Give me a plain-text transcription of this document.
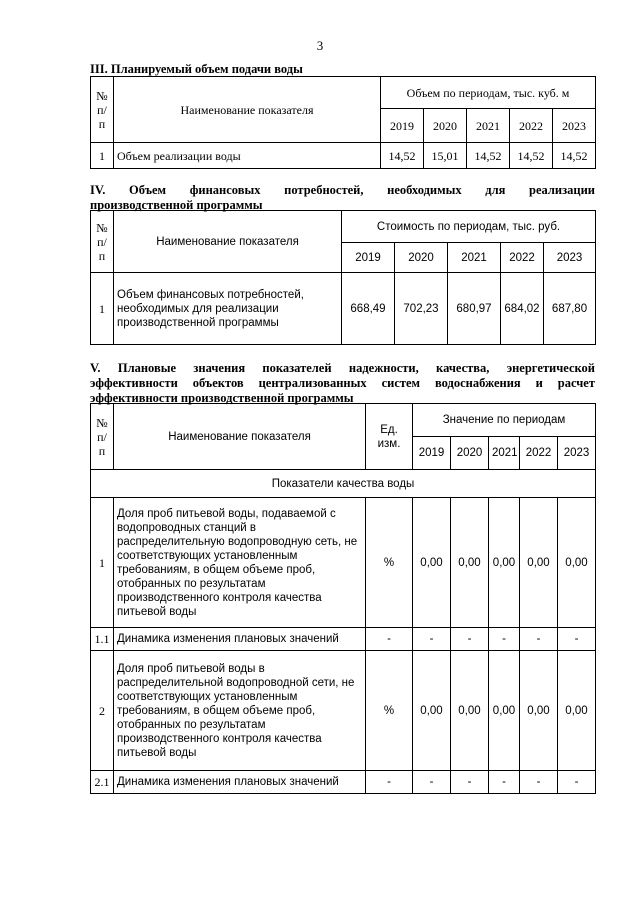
3
III. Планируемый объем подачи воды
№ п/п	Наименование показателя	Объем по периодам, тыс. куб. м				
		2019	2020	2021	2022	2023
1	Объем реализации воды	14,52	15,01	14,52	14,52	14,52
IV. Объем финансовых потребностей, необходимых для реализации
производственной программы
№ п/п	Наименование показателя	Стоимость по периодам, тыс. руб.				
		2019	2020	2021	2022	2023
1	Объем финансовых потребностей, необходимых для реализации производственной программы	668,49	702,23	680,97	684,02	687,80
V. Плановые значения показателей надежности, качества, энергетической эффективности объектов централизованных систем водоснабжения и расчет
эффективности производственной программы
№ п/п	Наименование показателя	Ед. изм.	Значение по периодам				
			2019	2020	2021	2022	2023
Показатели качества воды							
1	Доля проб питьевой воды, подаваемой с водопроводных станций в распределительную водопроводную сеть, не соответствующих установленным требованиям, в общем объеме проб, отобранных по результатам производственного контроля качества питьевой воды	%	0,00	0,00	0,00	0,00	0,00
1.1	Динамика изменения плановых значений	-	-	-	-	-	-
2	Доля проб питьевой воды в распределительной водопроводной сети, не соответствующих установленным требованиям, в общем объеме проб, отобранных по результатам производственного контроля качества питьевой воды	%	0,00	0,00	0,00	0,00	0,00
2.1	Динамика изменения плановых значений	-	-	-	-	-	-
